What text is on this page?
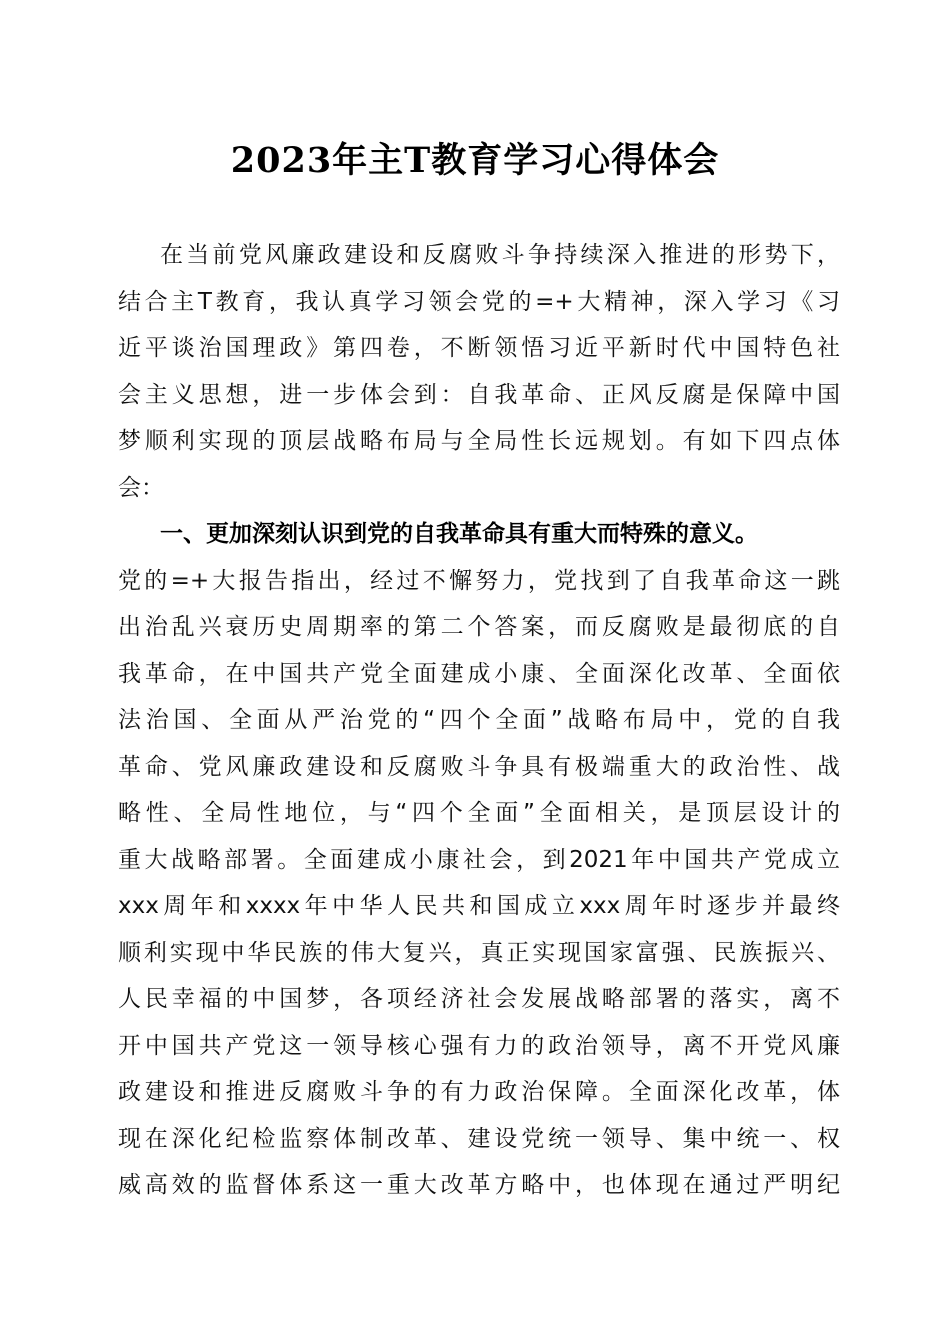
2023年主T教育学习心得体会
在当前党风廉政建设和反腐败斗争持续深入推进的形势下，
结合主T教育，我认真学习领会党的=+大精神，深入学习《习
近平谈治国理政》第四卷，不断领悟习近平新时代中国特色社
会主义思想，进一步体会到：自我革命、正风反腐是保障中国
梦顺利实现的顶层战略布局与全局性长远规划。有如下四点体
会：
一、更加深刻认识到党的自我革命具有重大而特殊的意义。
党的=+大报告指出，经过不懈努力，党找到了自我革命这一跳
出治乱兴衰历史周期率的第二个答案，而反腐败是最彻底的自
我革命，在中国共产党全面建成小康、全面深化改革、全面依
法治国、全面从严治党的“四个全面”战略布局中，党的自我
革命、党风廉政建设和反腐败斗争具有极端重大的政治性、战
略性、全局性地位，与“四个全面”全面相关，是顶层设计的
重大战略部署。全面建成小康社会，到2021年中国共产党成立
xxx周年和xxxx年中华人民共和国成立xxx周年时逐步并最终
顺利实现中华民族的伟大复兴，真正实现国家富强、民族振兴、
人民幸福的中国梦，各项经济社会发展战略部署的落实，离不
开中国共产党这一领导核心强有力的政治领导，离不开党风廉
政建设和推进反腐败斗争的有力政治保障。全面深化改革，体
现在深化纪检监察体制改革、建设党统一领导、集中统一、权
威高效的监督体系这一重大改革方略中，也体现在通过严明纪
